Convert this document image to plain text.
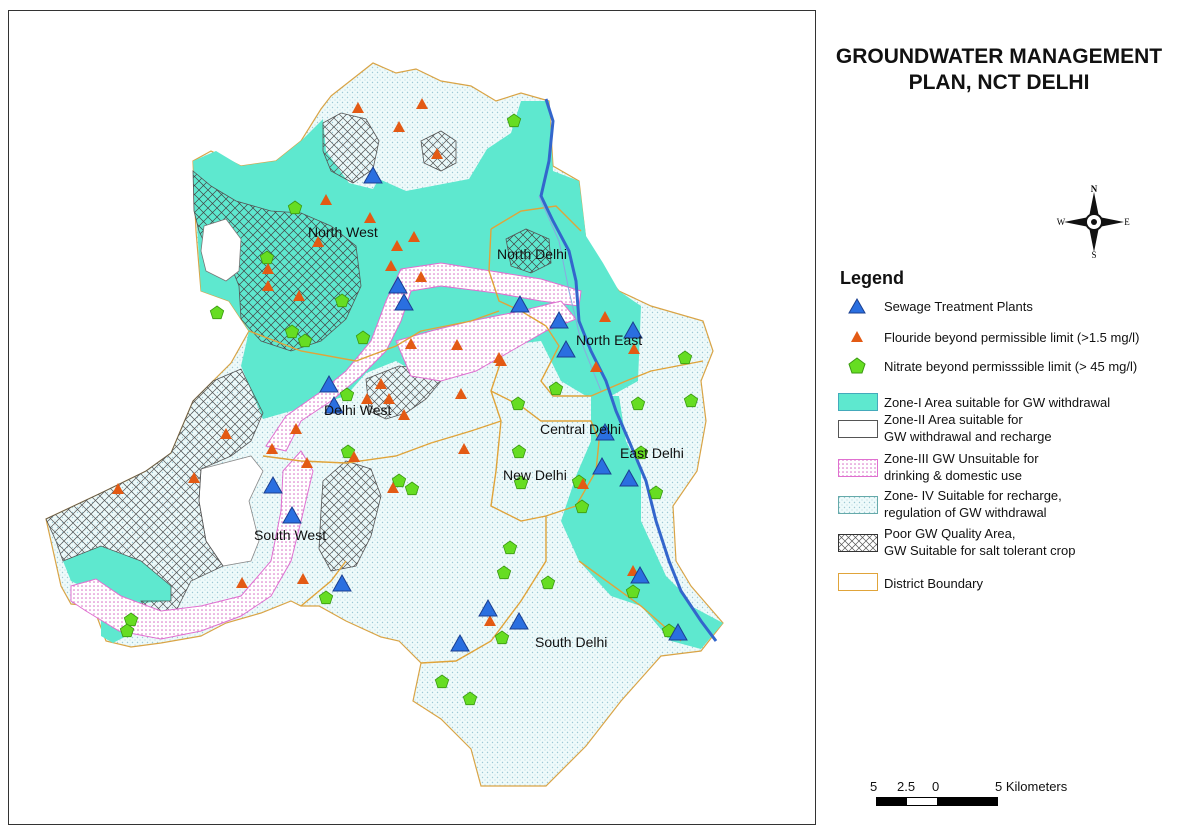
North West
North Delhi
North East
Delhi West
Central Delhi
East Delhi
New Delhi
South West
South Delhi
GROUNDWATER MANAGEMENT
PLAN, NCT DELHI
N
S
W	E
Legend
Sewage Treatment Plants
Flouride beyond permissible limit (>1.5 mg/l)
Nitrate beyond permisssible limit (> 45 mg/l)
Zone-I Area suitable for GW withdrawal
Zone-II Area suitable for
GW withdrawal and recharge
Zone-III GW Unsuitable for
drinking & domestic use
Zone- IV Suitable for recharge,
regulation of GW withdrawal
Poor GW Quality Area,
GW Suitable for salt tolerant crop
District Boundary
5 2.5 0	5 Kilometers
